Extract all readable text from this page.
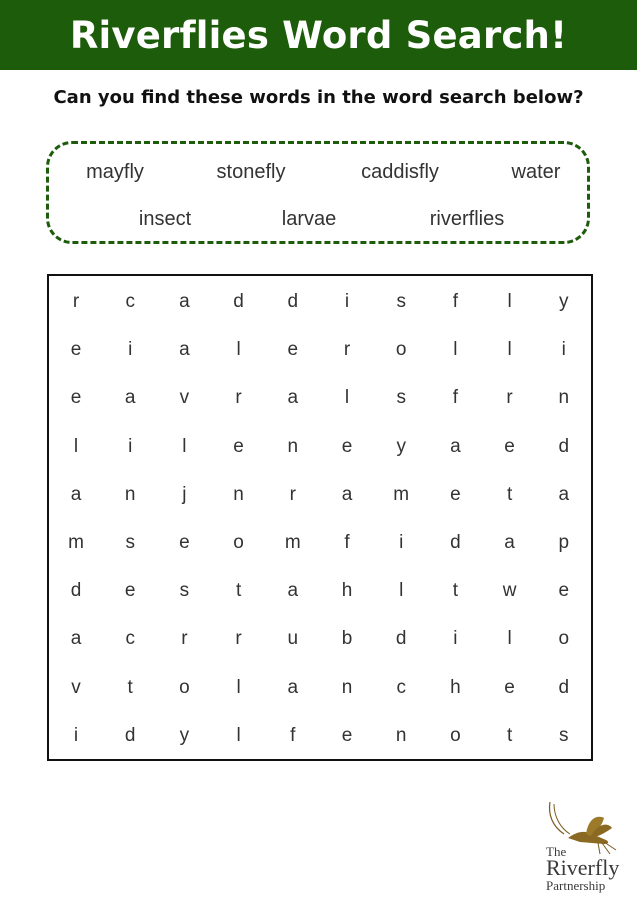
Riverflies Word Search!
Can you find these words in the word search below?
mayfly	stonefly	caddisfly	water
insect	larvae	riverflies
r	c	a	d	d	i	s	f	l	y
e	i	a	l	e	r	o	l	l	i
e	a	v	r	a	l	s	f	r	n
l	i	l	e	n	e	y	a	e	d
a	n	j	n	r	a	m	e	t	a
m	s	e	o	m	f	i	d	a	p
d	e	s	t	a	h	l	t	w	e
a	c	r	r	u	b	d	i	l	o
v	t	o	l	a	n	c	h	e	d
i	d	y	l	f	e	n	o	t	s
The
Riverfly
Partnership
